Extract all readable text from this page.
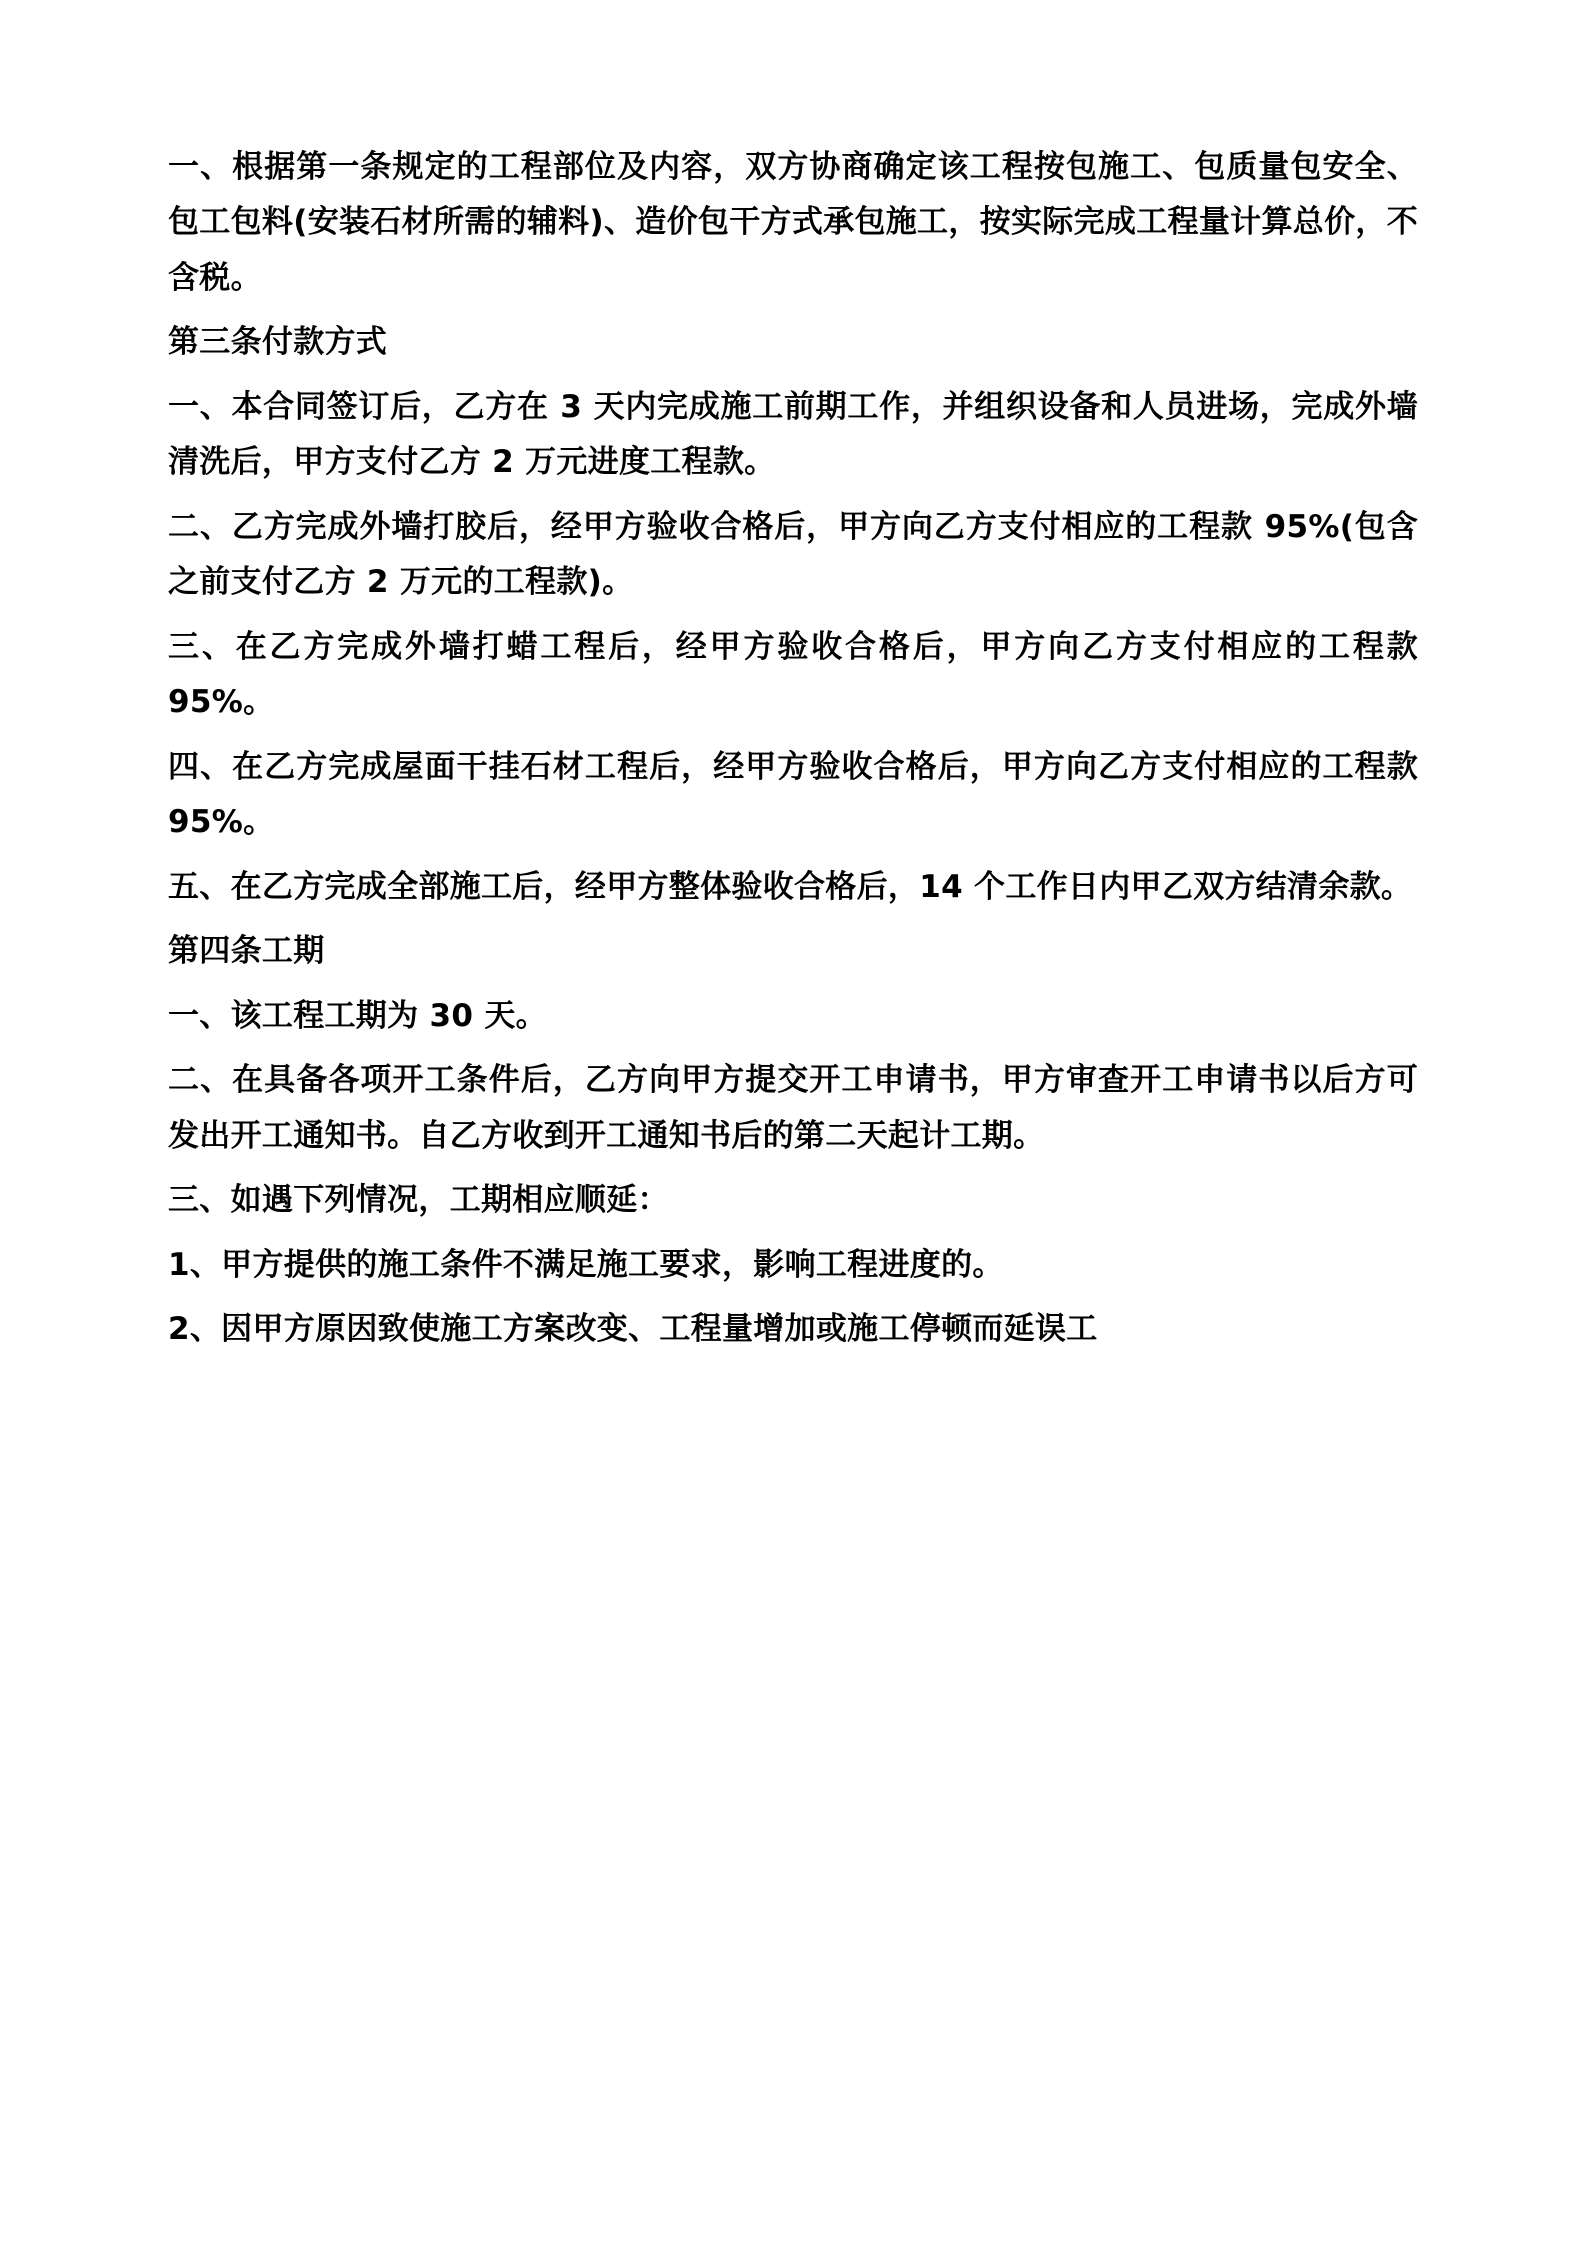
一、根据第一条规定的工程部位及内容，双方协商确定该工程按包施工、包质量包安全、包工包料(安装石材所需的辅料)、造价包干方式承包施工，按实际完成工程量计算总价，不含税。

第三条付款方式

一、本合同签订后，乙方在 3 天内完成施工前期工作，并组织设备和人员进场，完成外墙清洗后，甲方支付乙方 2 万元进度工程款。

二、乙方完成外墙打胶后，经甲方验收合格后，甲方向乙方支付相应的工程款 95%(包含之前支付乙方 2 万元的工程款)。

三、在乙方完成外墙打蜡工程后，经甲方验收合格后，甲方向乙方支付相应的工程款 95%。

四、在乙方完成屋面干挂石材工程后，经甲方验收合格后，甲方向乙方支付相应的工程款 95%。

五、在乙方完成全部施工后，经甲方整体验收合格后，14 个工作日内甲乙双方结清余款。

第四条工期

一、该工程工期为 30 天。

二、在具备各项开工条件后，乙方向甲方提交开工申请书，甲方审查开工申请书以后方可发出开工通知书。自乙方收到开工通知书后的第二天起计工期。

三、如遇下列情况，工期相应顺延：

1、甲方提供的施工条件不满足施工要求，影响工程进度的。

2、因甲方原因致使施工方案改变、工程量增加或施工停顿而延误工
